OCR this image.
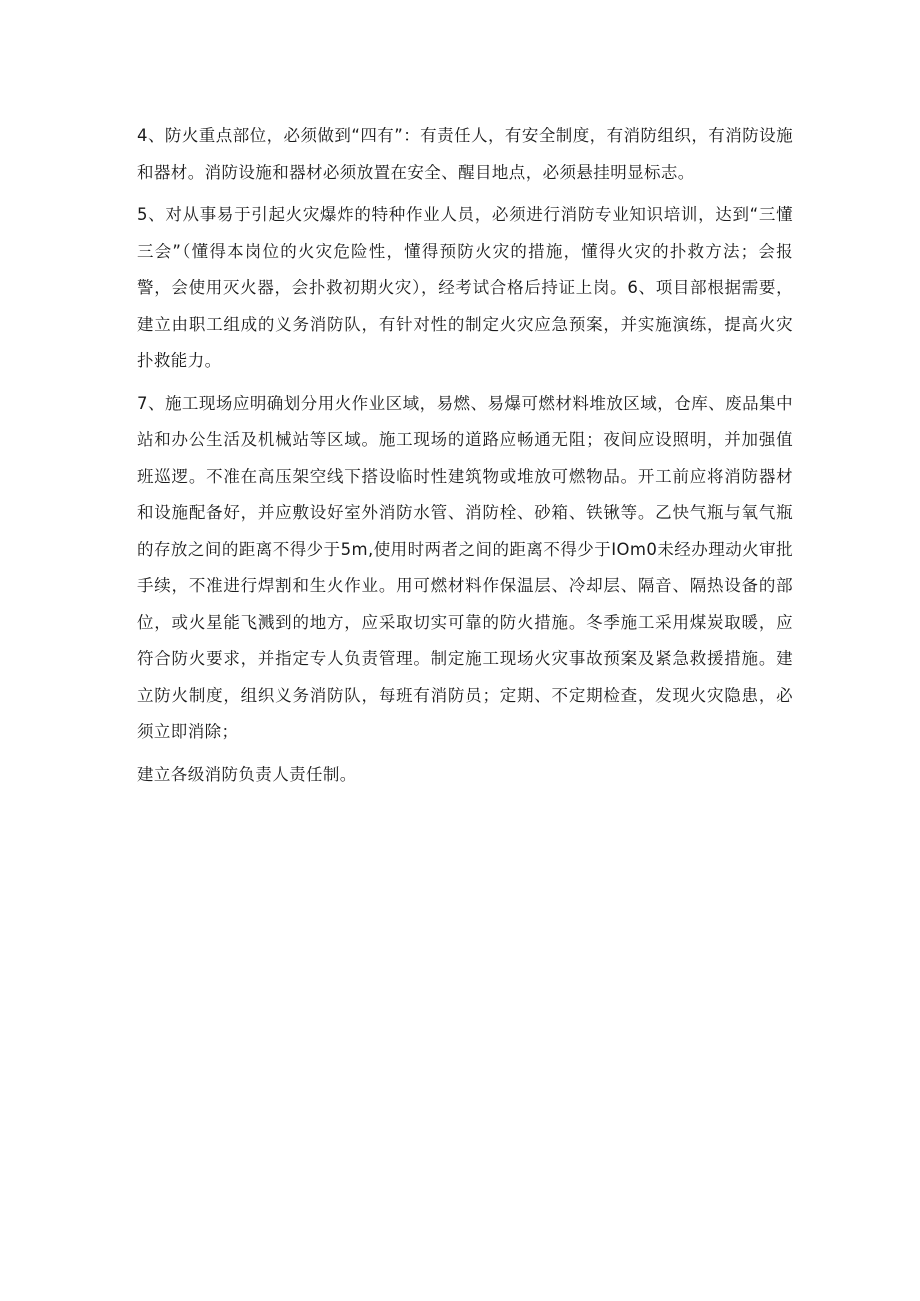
4、防火重点部位，必须做到“四有”：有责任人，有安全制度，有消防组织，有消防设施和器材。消防设施和器材必须放置在安全、醒目地点，必须悬挂明显标志。

5、对从事易于引起火灾爆炸的特种作业人员，必须进行消防专业知识培训，达到“三懂三会”（懂得本岗位的火灾危险性，懂得预防火灾的措施，懂得火灾的扑救方法；会报警，会使用灭火器，会扑救初期火灾），经考试合格后持证上岗。6、项目部根据需要，建立由职工组成的义务消防队，有针对性的制定火灾应急预案，并实施演练，提高火灾扑救能力。

7、施工现场应明确划分用火作业区域，易燃、易爆可燃材料堆放区域，仓库、废品集中站和办公生活及机械站等区域。施工现场的道路应畅通无阻；夜间应设照明，并加强值班巡逻。不准在高压架空线下搭设临时性建筑物或堆放可燃物品。开工前应将消防器材和设施配备好，并应敷设好室外消防水管、消防栓、砂箱、铁锹等。乙快气瓶与氧气瓶的存放之间的距离不得少于5m,使用时两者之间的距离不得少于IOm0未经办理动火审批手续，不准进行焊割和生火作业。用可燃材料作保温层、冷却层、隔音、隔热设备的部位，或火星能飞溅到的地方，应采取切实可靠的防火措施。冬季施工采用煤炭取暖，应符合防火要求，并指定专人负责管理。制定施工现场火灾事故预案及紧急救援措施。建立防火制度，组织义务消防队，每班有消防员；定期、不定期检查，发现火灾隐患，必须立即消除；

建立各级消防负责人责任制。
